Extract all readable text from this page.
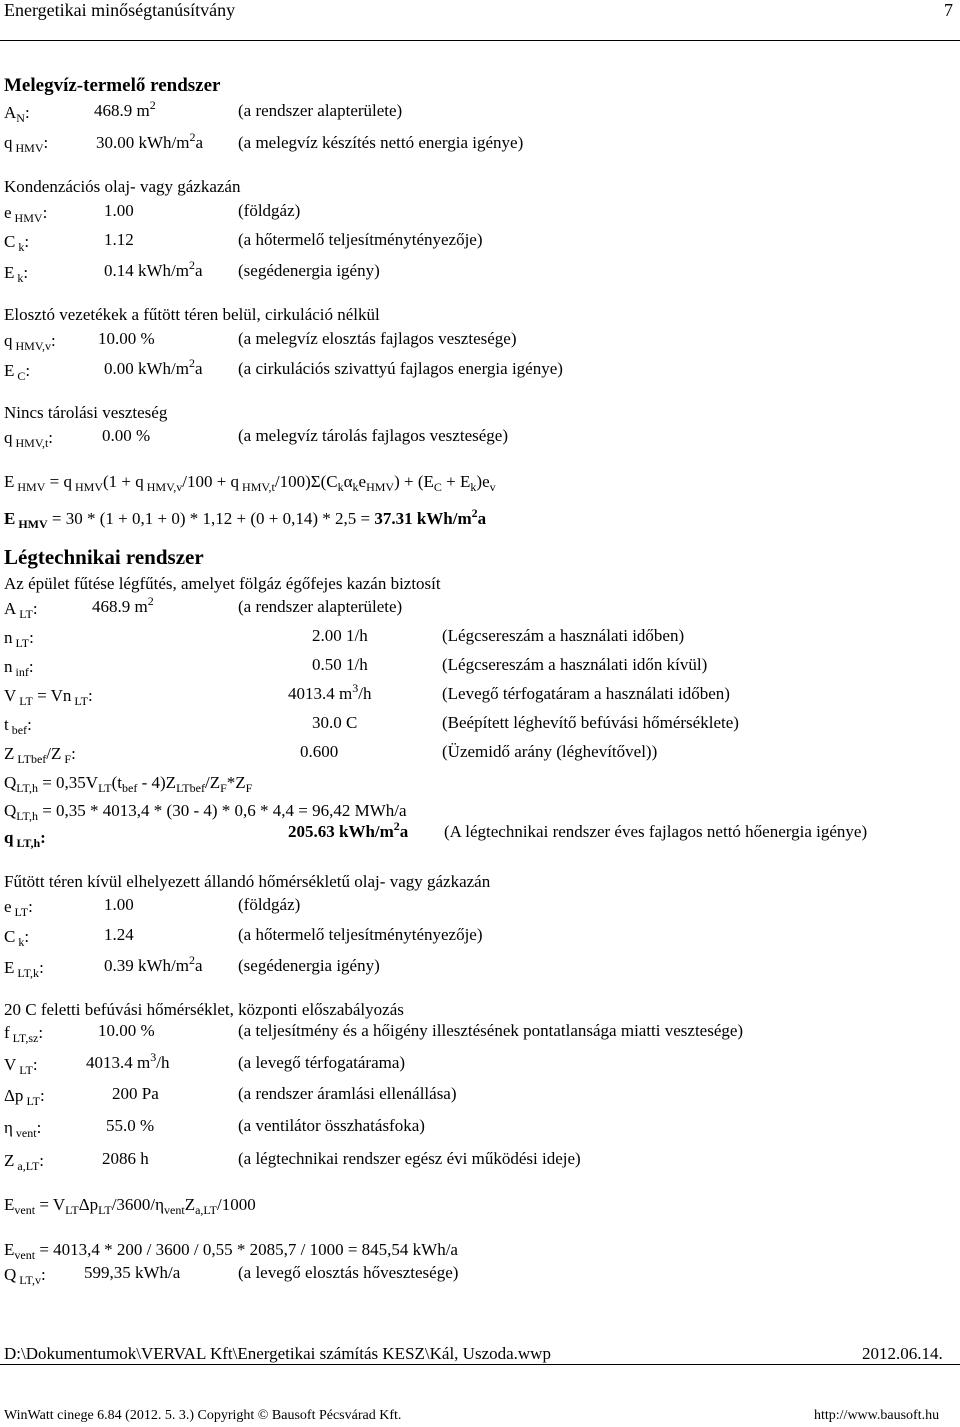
Energetikai minőségtanúsítvány	7
Melegvíz-termelő rendszer
$A_N$:	468.9 $m^2$	(a rendszer alapterülete)
q $_{HMV}$:	30.00 kWh/$m^2a$ (a melegvíz készítés nettó energia igénye)
Kondenzációs olaj- vagy gázkazán
e $_{HMV}$:	1.00	(földgáz)
C $_k$:	1.12	(a hőtermelő teljesítménytényezője)
E $_k$:	0.14 kWh/$m^2a$ (segédenergia igény)
Elosztó vezetékek a fűtött téren belül, cirkuláció nélkül
q $_{HMV,v}$: 10.00 %	(a melegvíz elosztás fajlagos vesztesége)
E $_C$:	0.00 kWh/$m^2a$ (a cirkulációs szivattyú fajlagos energia igénye)
Nincs tárolási veszteség
q $_{HMV,t}$:	0.00 %	(a melegvíz tárolás fajlagos vesztesége)
E $_{HMV}$ = q $_{HMV}$(1 + q $_{HMV,v}$/100 + q $_{HMV,t}/100)\Sigma(C_k\alpha_ke_{HMV}) + (E_C + E_k)e_v$
E $_{HMV}$ = 30 * (1 + 0,1 + 0) * 1,12 + (0 + 0,14) * 2,5 = 37.31 kWh/$m^2a$
Légtechnikai rendszer
Az épület fűtése légfűtés, amelyet fölgáz égőfejes kazán biztosít
A $_{LT}$:	468.9 $m^2$	(a rendszer alapterülete)
n $_{LT}$:	2.00 1/h	(Légcsereszám a használati időben)
n $_{inf}$:	0.50 1/h	(Légcsereszám a használati időn kívül)
V $_{LT}$ = Vn $_{LT}$:	4013.4 $m^3/h$	(Levegő térfogatáram a használati időben)
t $_{bef}$:	30.0 C	(Beépített léghevítő befúvási hőmérséklete)
Z $_{LTbef}$/Z $_F$:	0.600	(Üzemidő arány (léghevítővel))
$Q_{LT,h} = 0,35V_{LT}(t_{bef} - 4)Z_{LTbef}/Z_F*Z_F$
$Q_{LT,h} = 0,35 * 4013,4 * (30 - 4) * 0,6 * 4,4 = 96,42$ MWh/a
q $_{LT,h}$:	205.63 kWh/$m^2a$ (A légtechnikai rendszer éves fajlagos nettó hőenergia igénye)
Fűtött téren kívül elhelyezett állandó hőmérsékletű olaj- vagy gázkazán
e $_{LT}$:	1.00	(földgáz)
C $_k$:	1.24	(a hőtermelő teljesítménytényezője)
E $_{LT,k}$:	0.39 kWh/$m^2a$ (segédenergia igény)
20 C feletti befúvási hőmérséklet, központi előszabályozás
f $_{LT,sz}$:	10.00 %	(a teljesítmény és a hőigény illesztésének pontatlansága miatti vesztesége)
V $_{LT}$:	4013.4 $m^3/h$	(a levegő térfogatárama)
Δp $_{LT}$:	200 Pa	(a rendszer áramlási ellenállása)
η $_{vent}$:	55.0 %	(a ventilátor összhatásfoka)
Z $_{a,LT}$:	2086 h	(a légtechnikai rendszer egész évi működési ideje)
$E_{vent} = V_{LT}\Delta p_{LT}/3600/\eta_{vent}Z_{a,LT}/1000$
$E_{vent} = 4013,4 * 200 / 3600 / 0,55 * 2085,7 / 1000 = 845,54$ kWh/a
Q $_{LT,v}$: 599,35 kWh/a	(a levegő elosztás hőveszteségе)
D:\Dokumentumok\VERVAL Kft\Energetikai számítás KESZ\Kál, Uszoda.wwp	2012.06.14.
WinWatt cinege 6.84 (2012. 5. 3.) Copyright © Bausoft Pécsvárad Kft.	http://www.bausoft.hu
